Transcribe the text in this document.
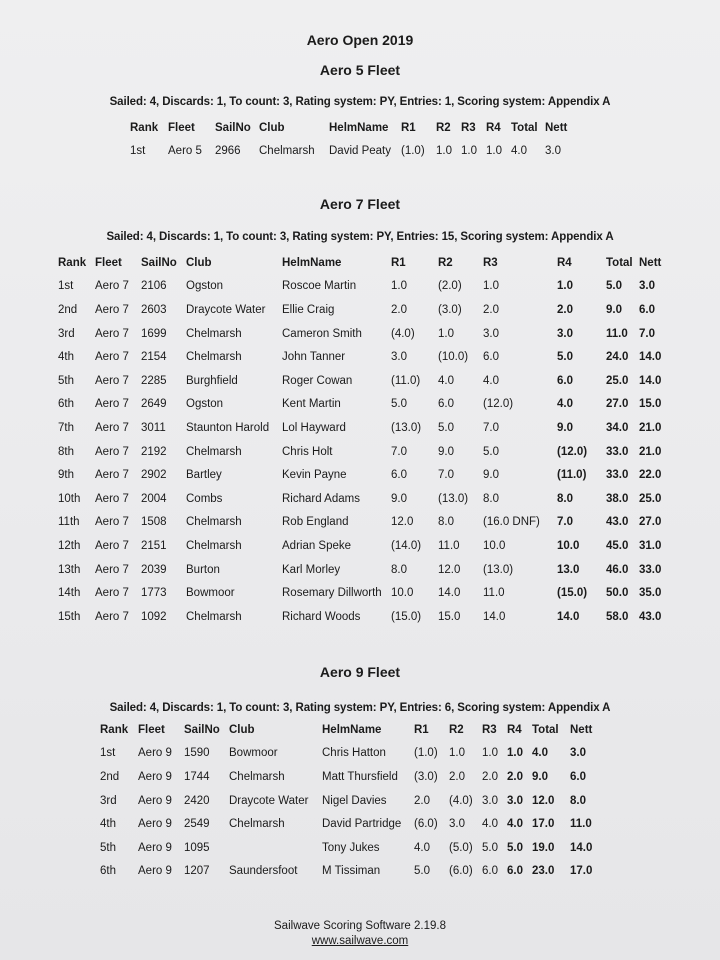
Aero Open 2019
Aero 5 Fleet
Sailed: 4, Discards: 1, To count: 3, Rating system: PY, Entries: 1, Scoring system: Appendix A
Rank	Fleet	SailNo	Club	HelmName	R1	R2	R3	R4	Total	Nett
1st	Aero 5	2966	Chelmarsh	David Peaty	(1.0)	1.0	1.0	1.0	4.0	3.0
Aero 7 Fleet
Sailed: 4, Discards: 1, To count: 3, Rating system: PY, Entries: 15, Scoring system: Appendix A
Rank	Fleet	SailNo	Club	HelmName	R1	R2	R3	R4	Total	Nett
1st	Aero 7	2106	Ogston	Roscoe Martin	1.0	(2.0)	1.0	1.0	5.0	3.0
2nd	Aero 7	2603	Draycote Water	Ellie Craig	2.0	(3.0)	2.0	2.0	9.0	6.0
3rd	Aero 7	1699	Chelmarsh	Cameron Smith	(4.0)	1.0	3.0	3.0	11.0	7.0
4th	Aero 7	2154	Chelmarsh	John Tanner	3.0	(10.0)	6.0	5.0	24.0	14.0
5th	Aero 7	2285	Burghfield	Roger Cowan	(11.0)	4.0	4.0	6.0	25.0	14.0
6th	Aero 7	2649	Ogston	Kent Martin	5.0	6.0	(12.0)	4.0	27.0	15.0
7th	Aero 7	3011	Staunton Harold	Lol Hayward	(13.0)	5.0	7.0	9.0	34.0	21.0
8th	Aero 7	2192	Chelmarsh	Chris Holt	7.0	9.0	5.0	(12.0)	33.0	21.0
9th	Aero 7	2902	Bartley	Kevin Payne	6.0	7.0	9.0	(11.0)	33.0	22.0
10th	Aero 7	2004	Combs	Richard Adams	9.0	(13.0)	8.0	8.0	38.0	25.0
11th	Aero 7	1508	Chelmarsh	Rob England	12.0	8.0	(16.0 DNF)	7.0	43.0	27.0
12th	Aero 7	2151	Chelmarsh	Adrian Speke	(14.0)	11.0	10.0	10.0	45.0	31.0
13th	Aero 7	2039	Burton	Karl Morley	8.0	12.0	(13.0)	13.0	46.0	33.0
14th	Aero 7	1773	Bowmoor	Rosemary Dillworth	10.0	14.0	11.0	(15.0)	50.0	35.0
15th	Aero 7	1092	Chelmarsh	Richard Woods	(15.0)	15.0	14.0	14.0	58.0	43.0
Aero 9 Fleet
Sailed: 4, Discards: 1, To count: 3, Rating system: PY, Entries: 6, Scoring system: Appendix A
Rank	Fleet	SailNo	Club	HelmName	R1	R2	R3	R4	Total	Nett
1st	Aero 9	1590	Bowmoor	Chris Hatton	(1.0)	1.0	1.0	1.0	4.0	3.0
2nd	Aero 9	1744	Chelmarsh	Matt Thursfield	(3.0)	2.0	2.0	2.0	9.0	6.0
3rd	Aero 9	2420	Draycote Water	Nigel Davies	2.0	(4.0)	3.0	3.0	12.0	8.0
4th	Aero 9	2549	Chelmarsh	David Partridge	(6.0)	3.0	4.0	4.0	17.0	11.0
5th	Aero 9	1095		Tony Jukes	4.0	(5.0)	5.0	5.0	19.0	14.0
6th	Aero 9	1207	Saundersfoot	M Tissiman	5.0	(6.0)	6.0	6.0	23.0	17.0
Sailwave Scoring Software 2.19.8
www.sailwave.com
